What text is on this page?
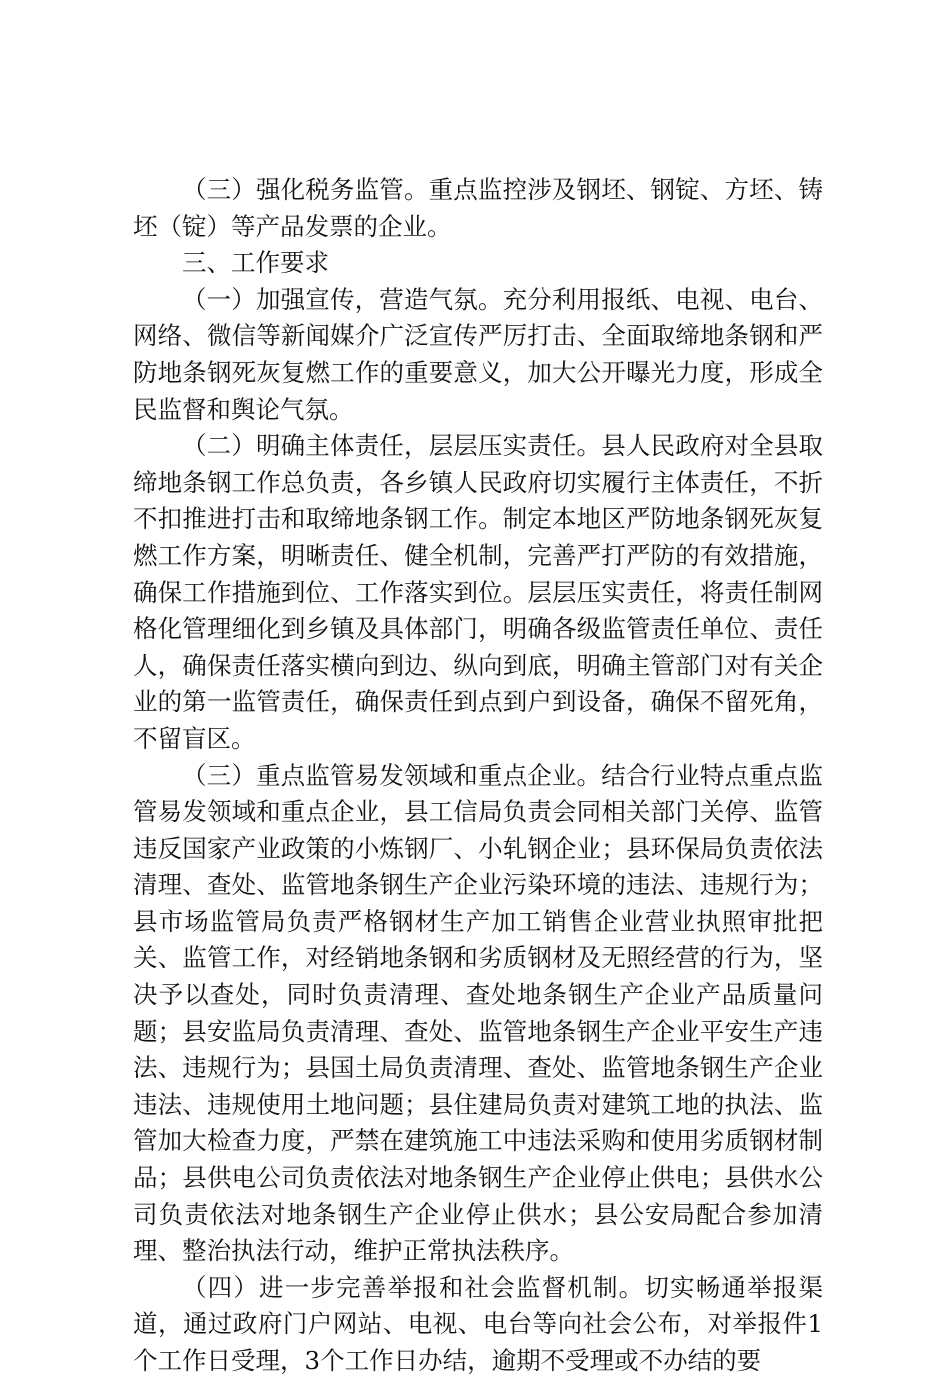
（三）强化税务监管。重点监控涉及钢坯、钢锭、方坯、铸坯（锭）等产品发票的企业。

三、工作要求

（一）加强宣传，营造气氛。充分利用报纸、电视、电台、网络、微信等新闻媒介广泛宣传严厉打击、全面取缔地条钢和严防地条钢死灰复燃工作的重要意义，加大公开曝光力度，形成全民监督和舆论气氛。

（二）明确主体责任，层层压实责任。县人民政府对全县取缔地条钢工作总负责，各乡镇人民政府切实履行主体责任，不折不扣推进打击和取缔地条钢工作。制定本地区严防地条钢死灰复燃工作方案，明晰责任、健全机制，完善严打严防的有效措施，确保工作措施到位、工作落实到位。层层压实责任，将责任制网格化管理细化到乡镇及具体部门，明确各级监管责任单位、责任人，确保责任落实横向到边、纵向到底，明确主管部门对有关企业的第一监管责任，确保责任到点到户到设备，确保不留死角，不留盲区。

（三）重点监管易发领域和重点企业。结合行业特点重点监管易发领域和重点企业，县工信局负责会同相关部门关停、监管违反国家产业政策的小炼钢厂、小轧钢企业；县环保局负责依法清理、查处、监管地条钢生产企业污染环境的违法、违规行为；县市场监管局负责严格钢材生产加工销售企业营业执照审批把关、监管工作，对经销地条钢和劣质钢材及无照经营的行为，坚决予以查处，同时负责清理、查处地条钢生产企业产品质量问题；县安监局负责清理、查处、监管地条钢生产企业平安生产违法、违规行为；县国土局负责清理、查处、监管地条钢生产企业违法、违规使用土地问题；县住建局负责对建筑工地的执法、监管加大检查力度，严禁在建筑施工中违法采购和使用劣质钢材制品；县供电公司负责依法对地条钢生产企业停止供电；县供水公司负责依法对地条钢生产企业停止供水；县公安局配合参加清理、整治执法行动，维护正常执法秩序。

（四）进一步完善举报和社会监督机制。切实畅通举报渠道，通过政府门户网站、电视、电台等向社会公布，对举报件1个工作日受理，3个工作日办结，逾期不受理或不办结的要
